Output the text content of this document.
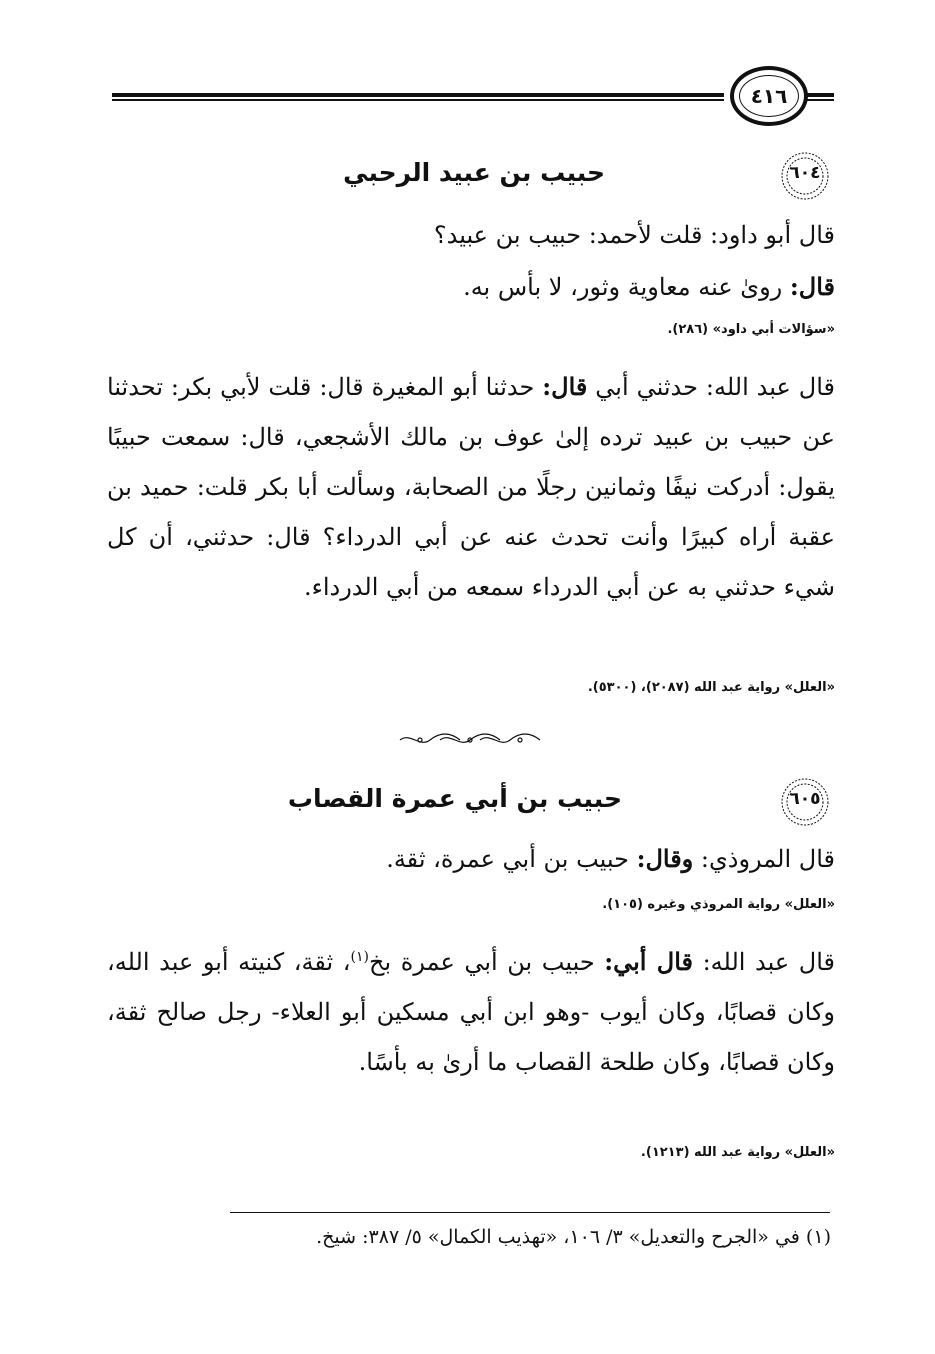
٤١٦
٦٠٤
حبيب بن عبيد الرحبي
قال أبو داود: قلت لأحمد: حبيب بن عبيد؟
قال: رویٰ عنه معاوية وثور، لا بأس به.
«سؤالات أبي داود» (٢٨٦).
قال عبد الله: حدثني أبي قال: حدثنا أبو المغيرة قال: قلت لأبي بكر: تحدثنا عن حبيب بن عبيد ترده إلىٰ عوف بن مالك الأشجعي، قال: سمعت حبيبًا يقول: أدركت نيفًا وثمانين رجلًا من الصحابة، وسألت أبا بكر قلت: حميد بن عقبة أراه كبيرًا وأنت تحدث عنه عن أبي الدرداء؟ قال: حدثني، أن كل شيء حدثني به عن أبي الدرداء سمعه من أبي الدرداء.
«العلل» رواية عبد الله (٢٠٨٧)، (٥٣٠٠).
٦٠٥
حبيب بن أبي عمرة القصاب
قال المروذي: وقال: حبيب بن أبي عمرة، ثقة.
«العلل» رواية المروذي وغيره (١٠٥).
قال عبد الله: قال أبي: حبيب بن أبي عمرة بخ$^{(١)}$، ثقة، كنيته أبو عبد الله، وكان قصابًا، وكان أيوب -وهو ابن أبي مسكين أبو العلاء- رجل صالح ثقة، وكان قصابًا، وكان طلحة القصاب ما أرىٰ به بأسًا.
«العلل» رواية عبد الله (١٢١٣).
(١) في «الجرح والتعديل» ٣/ ١٠٦، «تهذيب الكمال» ٥/ ٣٨٧: شيخ.
